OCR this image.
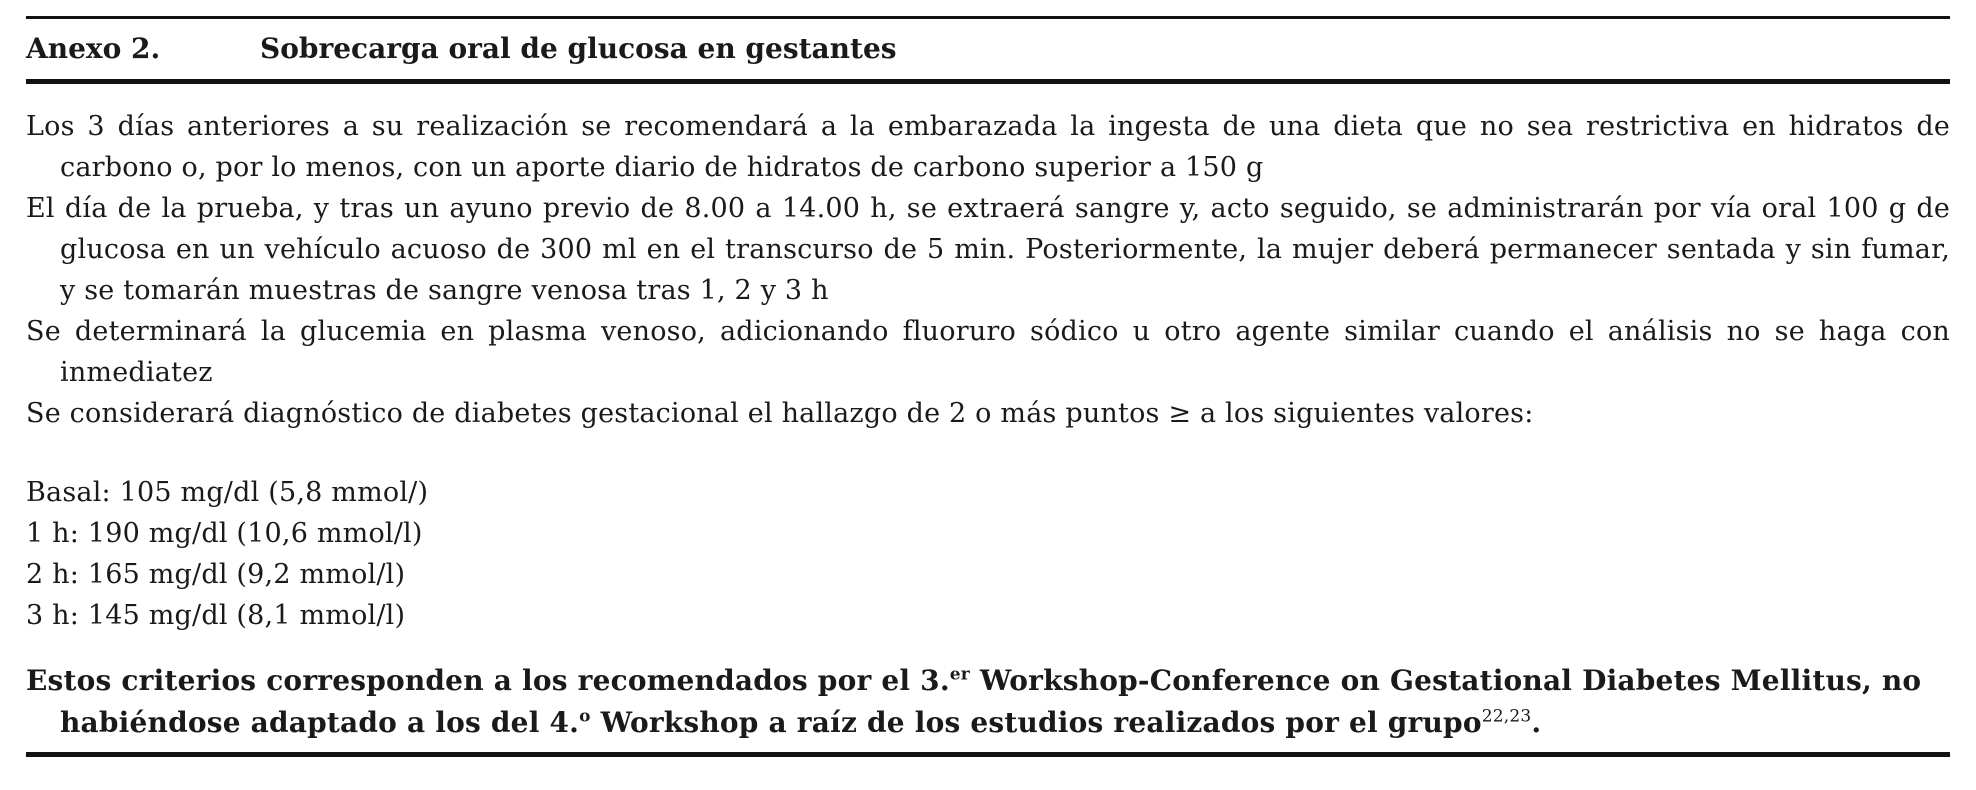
Anexo 2.	Sobrecarga oral de glucosa en gestantes
Los 3 días anteriores a su realización se recomendará a la embarazada la ingesta de una dieta que no sea restrictiva en hidratos de carbono o, por lo menos, con un aporte diario de hidratos de carbono superior a 150 g
El día de la prueba, y tras un ayuno previo de 8.00 a 14.00 h, se extraerá sangre y, acto seguido, se administrarán por vía oral 100 g de glucosa en un vehículo acuoso de 300 ml en el transcurso de 5 min. Posteriormente, la mujer deberá permanecer sentada y sin fumar, y se tomarán muestras de sangre venosa tras 1, 2 y 3 h
Se determinará la glucemia en plasma venoso, adicionando fluoruro sódico u otro agente similar cuando el análisis no se haga con inmediatez
Se considerará diagnóstico de diabetes gestacional el hallazgo de 2 o más puntos ≥ a los siguientes valores:
Basal: 105 mg/dl (5,8 mmol/)
1 h: 190 mg/dl (10,6 mmol/l)
2 h: 165 mg/dl (9,2 mmol/l)
3 h: 145 mg/dl (8,1 mmol/l)
Estos criterios corresponden a los recomendados por el 3.$^{er}$ Workshop-Conference on Gestational Diabetes Mellitus, no habiéndose adaptado a los del 4.$^o$ Workshop a raíz de los estudios realizados por el grupo$^{22,23}$.
